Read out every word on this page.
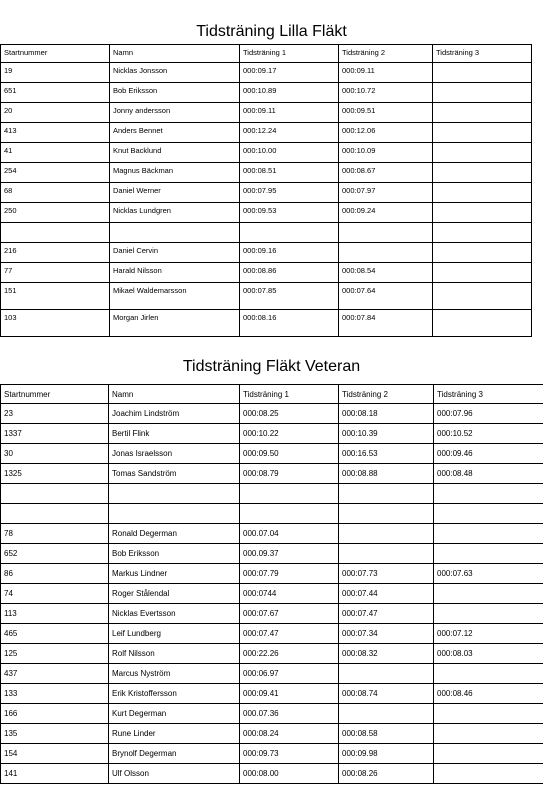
Tidsträning Lilla Fläkt
Startnummer	Namn	Tidsträning 1	Tidsträning 2	Tidsträning 3
19	Nicklas Jonsson	000:09.17	000:09.11	
651	Bob Eriksson	000:10.89	000:10.72	
20	Jonny andersson	000:09.11	000:09.51	
413	Anders Bennet	000:12.24	000:12.06	
41	Knut Backlund	000:10.00	000:10.09	
254	Magnus Bäckman	000:08.51	000:08.67	
68	Daniel Werner	000:07.95	000:07.97	
250	Nicklas Lundgren	000:09.53	000:09.24	

216	Daniel Cervin	000:09.16		
77	Harald Nilsson	000:08.86	000:08.54	
151	Mikael Waldemarsson	000:07.85	000:07.64	
103	Morgan Jirlen	000:08.16	000:07.84	
Tidsträning Fläkt Veteran
Startnummer	Namn	Tidsträning 1	Tidsträning 2	Tidsträning 3
23	Joachim Lindström	000:08.25	000:08.18	000:07.96
1337	Bertil Flink	000:10.22	000:10.39	000:10.52
30	Jonas Israelsson	000:09.50	000:16.53	000:09.46
1325	Tomas Sandström	000:08.79	000:08.88	000:08.48

78	Ronald Degerman	000.07.04		
652	Bob Eriksson	000.09.37		
86	Markus Lindner	000:07.79	000:07.73	000:07.63
74	Roger Stålendal	000:0744	000:07.44	
113	Nicklas Evertsson	000:07.67	000:07.47	
465	Leif Lundberg	000:07.47	000:07.34	000:07.12
125	Rolf Nilsson	000:22.26	000:08.32	000:08.03
437	Marcus Nyström	000:06.97		
133	Erik Kristoffersson	000:09.41	000:08.74	000:08.46
166	Kurt Degerman	000.07.36		
135	Rune Linder	000:08.24	000:08.58	
154	Brynolf Degerman	000:09.73	000:09.98	
141	Ulf Olsson	000:08.00	000:08.26	
